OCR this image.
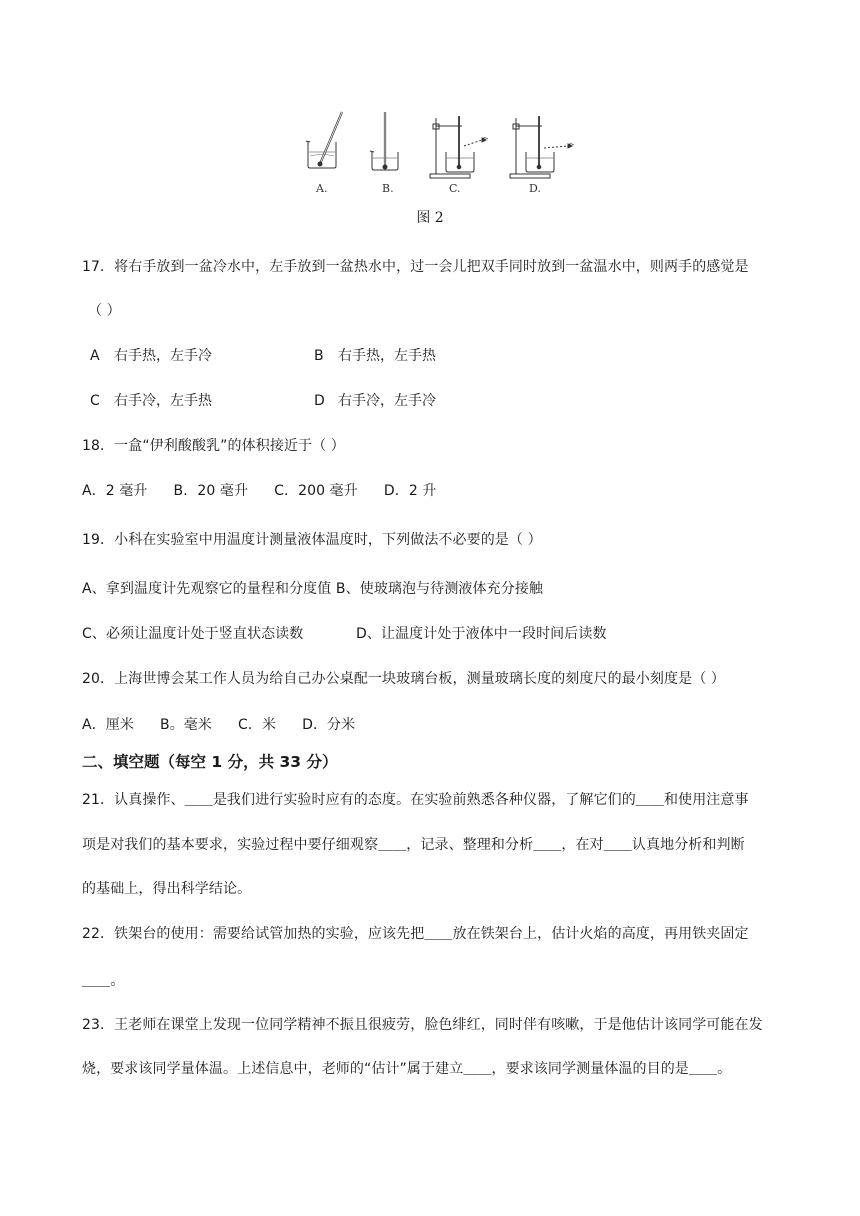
A.	B.	C.	D.
图 2
17．将右手放到一盆冷水中，左手放到一盆热水中，过一会儿把双手同时放到一盆温水中，则两手的感觉是
（ ）
A 右手热，左手冷	B 右手热，左手热
C 右手冷，左手热	D 右手冷，左手冷
18．一盒“伊利酸酸乳”的体积接近于（ ）
A．2 毫升 B．20 毫升 C．200 毫升 D．2 升
19．小科在实验室中用温度计测量液体温度时，下列做法不必要的是（ ）
A、拿到温度计先观察它的量程和分度值 B、使玻璃泡与待测液体充分接触
C、必须让温度计处于竖直状态读数	D、让温度计处于液体中一段时间后读数
20．上海世博会某工作人员为给自己办公桌配一块玻璃台板，测量玻璃长度的刻度尺的最小刻度是（ ）
A．厘米 B。毫米 C．米 D．分米
二、填空题（每空 1 分，共 33 分）
21．认真操作、＿＿是我们进行实验时应有的态度。在实验前熟悉各种仪器，了解它们的＿＿和使用注意事
项是对我们的基本要求，实验过程中要仔细观察＿＿，记录、整理和分析＿＿，在对＿＿认真地分析和判断
的基础上，得出科学结论。
22．铁架台的使用：需要给试管加热的实验，应该先把＿＿放在铁架台上，估计火焰的高度，再用铁夹固定
＿＿。
23．王老师在课堂上发现一位同学精神不振且很疲劳，脸色绯红，同时伴有咳嗽，于是他估计该同学可能在发
烧，要求该同学量体温。上述信息中，老师的“估计”属于建立＿＿，要求该同学测量体温的目的是＿＿。
